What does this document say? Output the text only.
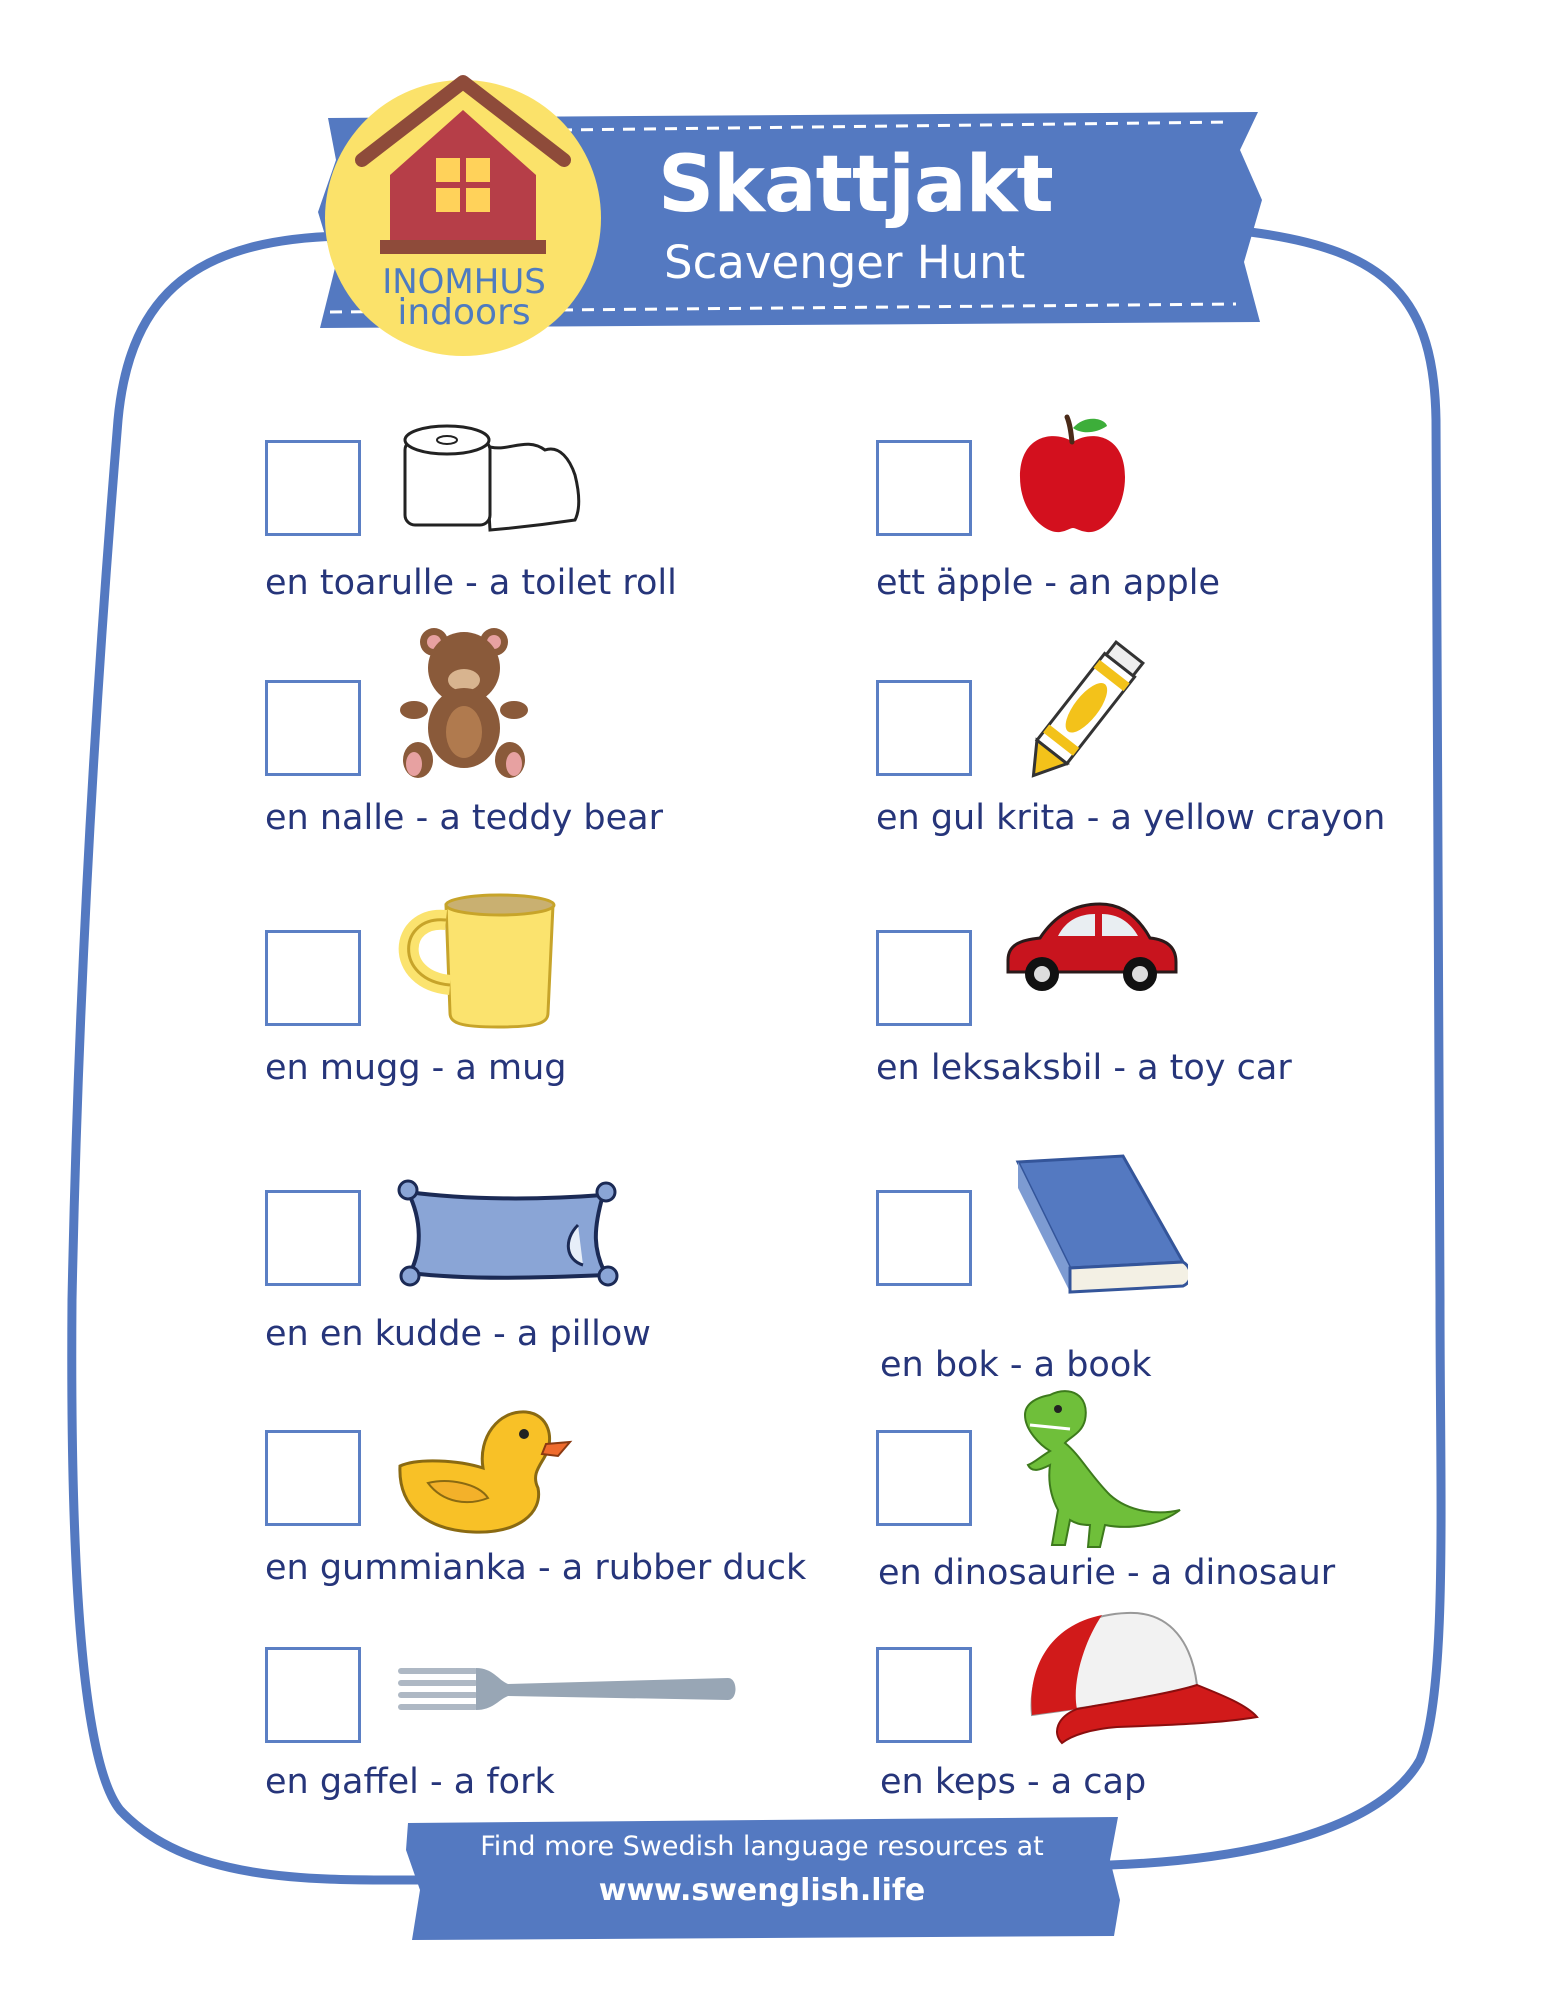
Skattjakt
Scavenger Hunt
INOMHUS
indoors
en toarulle - a toilet roll
en nalle - a teddy bear
en mugg - a mug
en en kudde - a pillow
en gummianka - a rubber duck
en gaffel - a fork
ett äpple - an apple
en gul krita - a yellow crayon
en leksaksbil - a toy car
en bok - a book
en dinosaurie - a dinosaur
en keps - a cap
Find more Swedish language resources at
www.swenglish.life
